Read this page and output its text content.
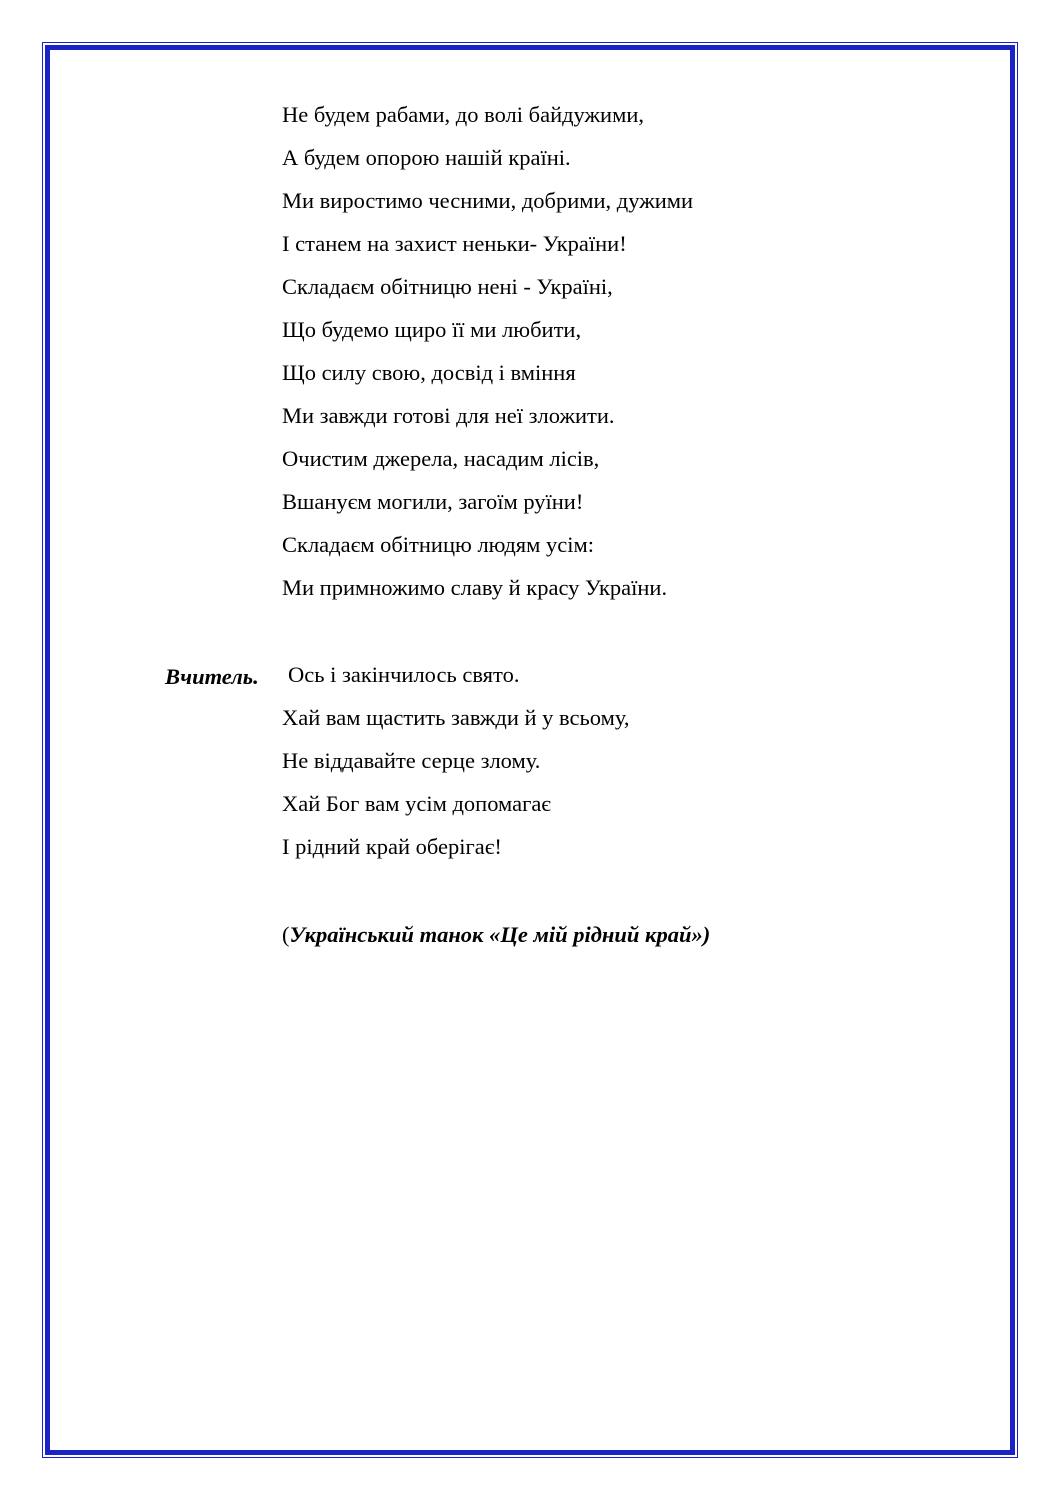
Не будем рабами, до волі байдужими,
А будем опорою нашій країні.
Ми виростимо чесними, добрими, дужими
І станем на захист неньки- України!
Складаєм обітницю нені - Україні,
Що будемо щиро її ми любити,
Що силу свою, досвід і вміння
Ми завжди готові для неї зложити.
Очистим джерела, насадим лісів,
Вшануєм могили, загоїм руїни!
Складаєм обітницю людям усім:
Ми примножимо славу й красу України.
Вчитель. Ось і закінчилось свято.
Хай вам щастить завжди й у всьому,
Не віддавайте серце злому.
Хай Бог вам усім допомагає
І рідний край оберігає!
(Український танок «Це мій рідний край»)
